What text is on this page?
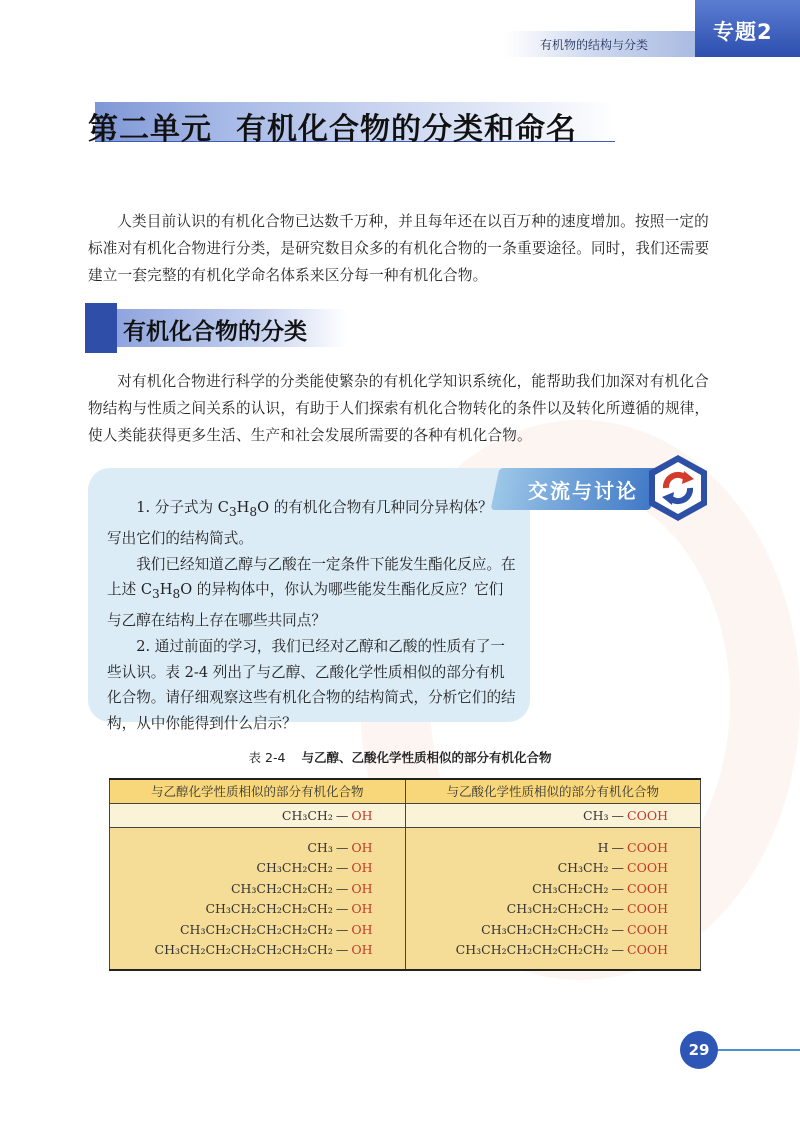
有机物的结构与分类
专题2
第二单元 有机化合物的分类和命名
人类目前认识的有机化合物已达数千万种，并且每年还在以百万种的速度增加。按照一定的标准对有机化合物进行分类，是研究数目众多的有机化合物的一条重要途径。同时，我们还需要建立一套完整的有机化学命名体系来区分每一种有机化合物。
有机化合物的分类
对有机化合物进行科学的分类能使繁杂的有机化学知识系统化，能帮助我们加深对有机化合物结构与性质之间关系的认识，有助于人们探索有机化合物转化的条件以及转化所遵循的规律，使人类能获得更多生活、生产和社会发展所需要的各种有机化合物。
交流与讨论

1. 分子式为 $C_3H_8O$ 的有机化合物有几种同分异构体？

写出它们的结构简式。

我们已经知道乙醇与乙酸在一定条件下能发生酯化反应。在上述 $C_3H_8O$ 的异构体中，你认为哪些能发生酯化反应？它们与乙醇在结构上存在哪些共同点？

2. 通过前面的学习，我们已经对乙醇和乙酸的性质有了一些认识。表 2-4 列出了与乙醇、乙酸化学性质相似的部分有机化合物。请仔细观察这些有机化合物的结构简式，分析它们的结构，从中你能得到什么启示？

表 2-4 与乙醇、乙酸化学性质相似的部分有机化合物
与乙醇化学性质相似的部分有机化合物	与乙酸化学性质相似的部分有机化合物
CH₃CH₂ — OH	CH₃ — COOH

CH₃ — OH	H — COOH
CH₃CH₂CH₂ — OH	CH₃CH₂ — COOH
CH₃CH₂CH₂CH₂ — OH	CH₃CH₂CH₂ — COOH
CH₃CH₂CH₂CH₂CH₂ — OH	CH₃CH₂CH₂CH₂ — COOH
CH₃CH₂CH₂CH₂CH₂CH₂ — OH	CH₃CH₂CH₂CH₂CH₂ — COOH
CH₃CH₂CH₂CH₂CH₂CH₂CH₂ — OH	CH₃CH₂CH₂CH₂CH₂CH₂ — COOH

29
